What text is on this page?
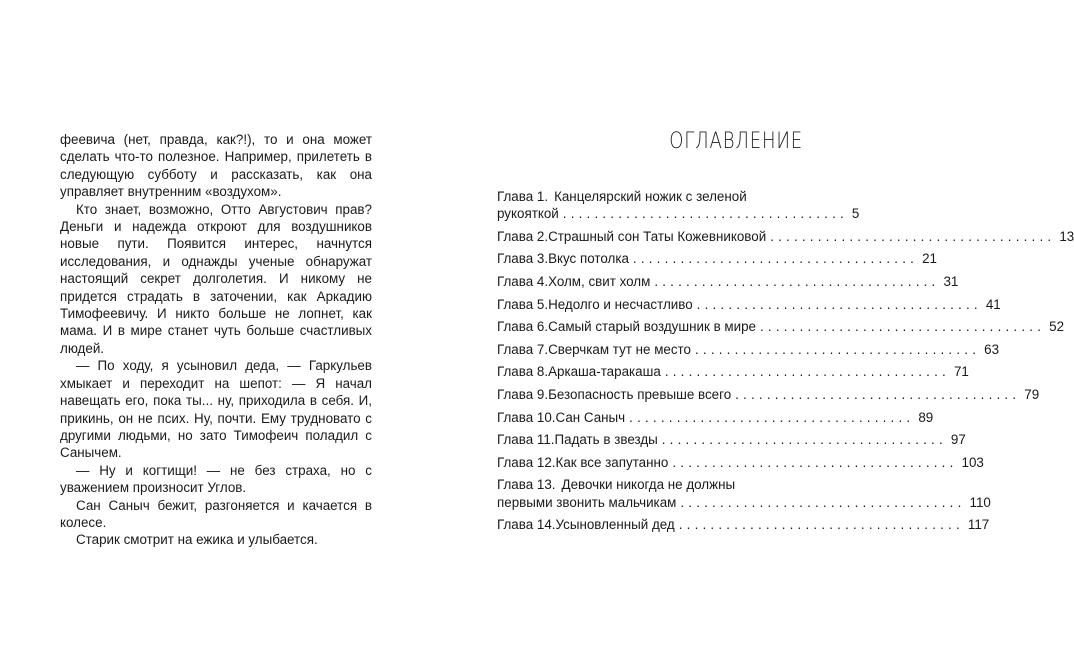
феевича (нет, правда, как?!), то и она может сделать что-то полезное. Например, прилететь в следующую субботу и рассказать, как она управляет внутренним «воздухом».

Кто знает, возможно, Отто Августович прав? Деньги и надежда откроют для воздушников новые пути. Появится интерес, начнутся исследования, и однажды ученые обнаружат настоящий секрет долголетия. И никому не придется страдать в заточении, как Аркадию Тимофеевичу. И никто больше не лопнет, как мама. И в мире станет чуть больше счастливых людей.

— По ходу, я усыновил деда, — Гаркульев хмыкает и переходит на шепот: — Я начал навещать его, пока ты... ну, приходила в себя. И, прикинь, он не псих. Ну, почти. Ему трудновато с другими людьми, но зато Тимофеич поладил с Санычем.

— Ну и когтищи! — не без страха, но с уважением произносит Углов.

Сан Саныч бежит, разгоняется и качается в колесе.

Старик смотрит на ежика и улыбается.

ОГЛАВЛЕНИЕ
Глава 1. Канцелярский ножик с зеленой
рукояткой .................................... 5
Глава 2. Страшный сон Таты Кожевниковой .................................... 13
Глава 3. Вкус потолка .................................... 21
Глава 4. Холм, свит холм .................................... 31
Глава 5. Недолго и несчастливо .................................... 41
Глава 6. Самый старый воздушник в мире .................................... 52
Глава 7. Сверчкам тут не место .................................... 63
Глава 8. Аркаша-таракаша .................................... 71
Глава 9. Безопасность превыше всего .................................... 79
Глава 10. Сан Саныч .................................... 89
Глава 11. Падать в звезды .................................... 97
Глава 12. Как все запутанно .................................... 103
Глава 13. Девочки никогда не должны
первыми звонить мальчикам .................................... 110
Глава 14. Усыновленный дед .................................... 117
